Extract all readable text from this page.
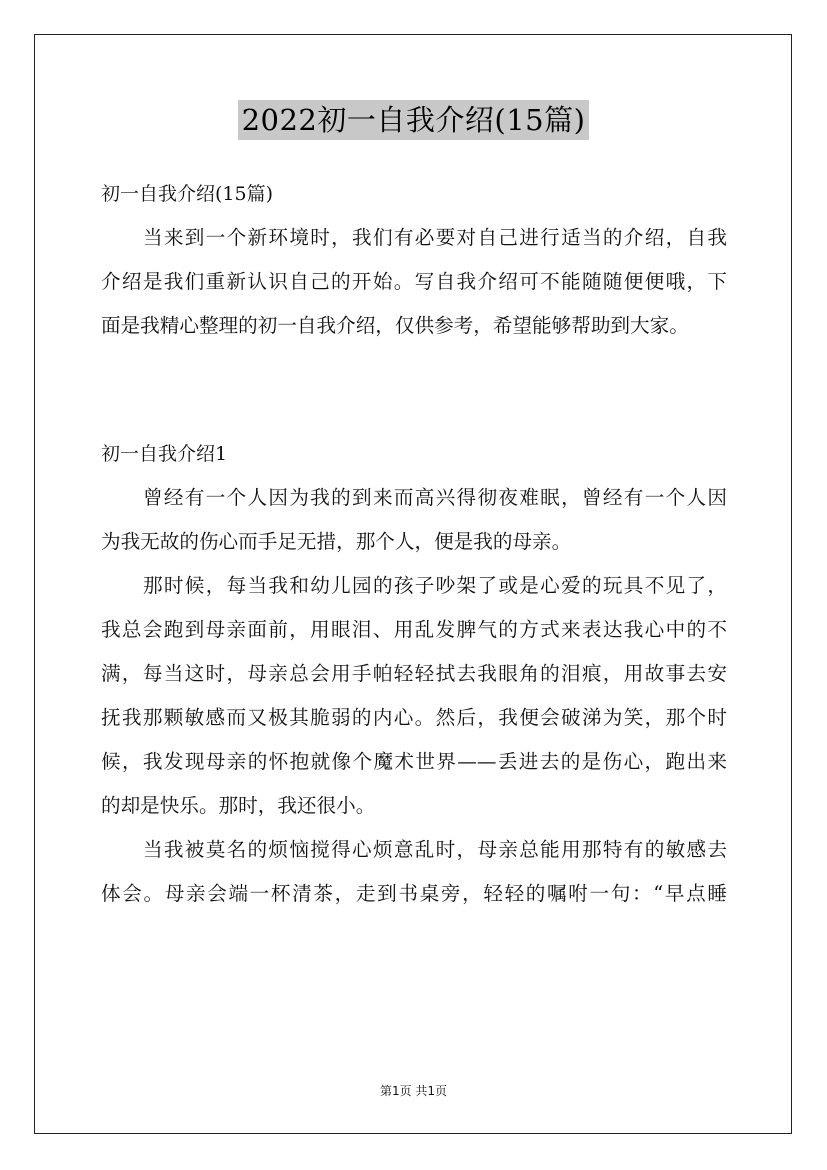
2022初一自我介绍(15篇)
初一自我介绍(15篇)
当来到一个新环境时，我们有必要对自己进行适当的介绍，自我
介绍是我们重新认识自己的开始。写自我介绍可不能随随便便哦，下
面是我精心整理的初一自我介绍，仅供参考，希望能够帮助到大家。
初一自我介绍1
曾经有一个人因为我的到来而高兴得彻夜难眠，曾经有一个人因
为我无故的伤心而手足无措，那个人，便是我的母亲。
那时候，每当我和幼儿园的孩子吵架了或是心爱的玩具不见了，
我总会跑到母亲面前，用眼泪、用乱发脾气的方式来表达我心中的不
满，每当这时，母亲总会用手帕轻轻拭去我眼角的泪痕，用故事去安
抚我那颗敏感而又极其脆弱的内心。然后，我便会破涕为笑，那个时
候，我发现母亲的怀抱就像个魔术世界——丢进去的是伤心，跑出来
的却是快乐。那时，我还很小。
当我被莫名的烦恼搅得心烦意乱时，母亲总能用那特有的敏感去
体会。母亲会端一杯清茶，走到书桌旁，轻轻的嘱咐一句：“早点睡
第1页 共1页
